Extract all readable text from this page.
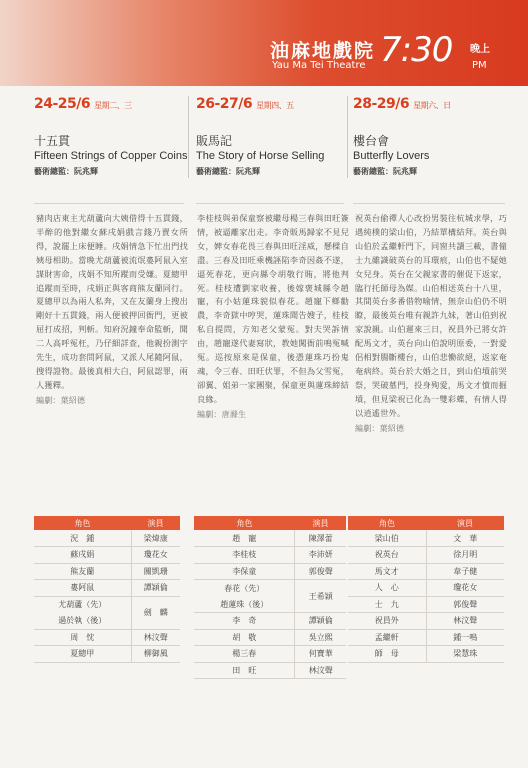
油麻地戲院
Yau Ma Tei Theatre 7:30 晚上
PM
24-25/6 星期二、三
十五貫
Fifteen Strings of Copper Coins
藝術總監：阮兆輝
豬肉店東主尤葫蘆向大姨借得十五貫錢，半醉的他對繼女蘇戌娟戲言錢乃賣女所得，說罷上床便睡。戌娟情急下忙出門找姨母相助。當晚尤葫蘆被流氓婁阿鼠入室謀財害命，戌娟不知所蹤而受嫌。夏總甲追蹤而至時，戌娟正與客商熊友蘭同行。夏總甲以為兩人私奔，又在友蘭身上搜出剛好十五貫錢，兩人便被押回衙門，更被屈打成招，判斬。知府況鐘奉命監斬，聞二人高呼冤枉，乃仔細詳查，他親扮測字先生，成功套問阿鼠，又派人尾隨阿鼠，搜得證物。最後真相大白，阿鼠認罪，兩人獲釋。
編劇：葉紹德
26-27/6 星期四、五
販馬記
The Story of Horse Selling
藝術總監：阮兆輝
李桂枝與弟保童察被繼母楊三春與田旺簽情，被逼離家出走。李奇販馬歸家不見兒女，婢女春花畏三春與田旺淫威，懸樑自盡。三春及田旺乘機誣陷李奇因姦不遂，逼死春花，更向縣令胡敬行賄，將他判死。桂枝遭劉家收養，後嫁褒城縣令趙寵，有小姑蓮珠貌似春花。趙寵下鄉勸農，李奇獄中哼哭，蓮珠聞告嫂子，桂枝私自提問，方知老父蒙冤。對夫哭訴情由，趙寵遂代妻寫狀，教她闖衙前鳴冤喊冤。巡按原來是保童，後憑蓮珠巧扮鬼魂，令三春、田旺伏罪，不但為父雪冤，卻翼、姐弟一家團聚，保童更與蓮珠締結良緣。
編劇：唐滌生
28-29/6 星期六、日
樓台會
Butterfly Lovers
藝術總監：阮兆輝
祝英台偷禪人心改扮男裝往杭城求學，巧遇純樸的梁山伯，乃結單構結拜。英台與山伯於孟繼軒門下，同窗共讀三載，書僮士九雖識破英台的耳環痕，山伯也不疑她女兒身。英台在父親家書的催促下返家，臨行托師母為媒。山伯相送英台十八里，其間英台多番借物喻情，無奈山伯仍不明瞭，最後英台唯有親許九妹，著山伯到祝家說親。山伯遲來三日，祝員外已將女許配馬文才，英台向山伯說明原委，一對愛侶相對腸斷樓台，山伯悲慟欲絕，返家奄奄病終。英台於大婚之日，到山伯墳前哭祭，哭破墓門，投身殉愛，馬文才憤而掘墳，但見梁祝已化為一雙彩蝶，有情人得以逍遙世外。
編劇：葉紹德
角色	演員
況　鍾	梁煒康
蘇戌娟	瓊花女
熊友蘭	關凱珊
婁阿鼠	譚穎倫
尤葫蘆（先）	劍　麟
過於執（後）	
周　忱	林汶聲
夏總甲	柳御風
角色	演員
趙　寵	陳澤蕾
李桂枝	李沛妍
李保童	郭俊聲
春花（先）	王希穎
趙蓮珠（後）	
李　奇	譚穎倫
胡　敬	吳立熙
楊三春	何寶華
田　旺	林汶聲
角色	演員
梁山伯	文　華
祝英台	徐月明
馬文才	韋子健
人　心	瓊花女
士　九	郭俊聲
祝員外	林汶聲
孟繼軒	鍾一鳴
師　母	梁慧珠
